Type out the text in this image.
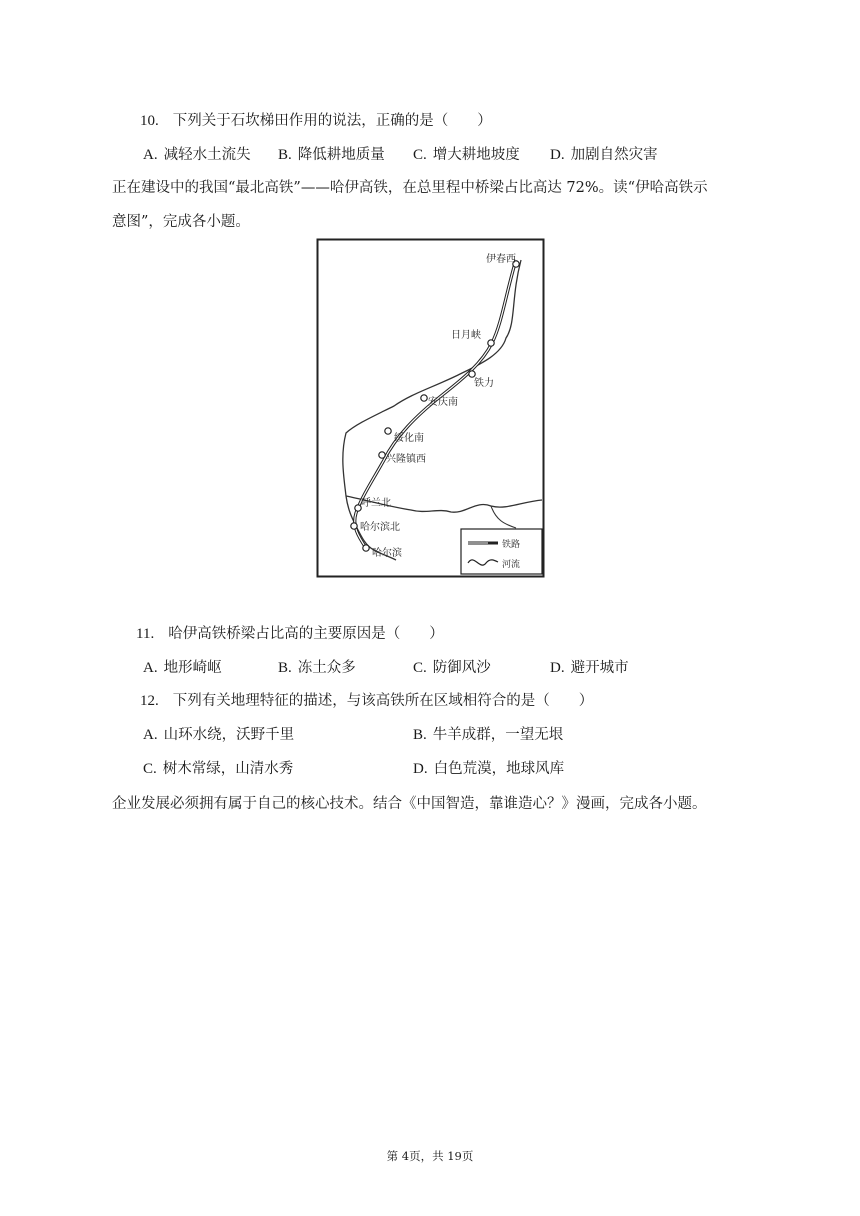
10. 下列关于石坎梯田作用的说法，正确的是（　　）
A. 减轻水土流失 B. 降低耕地质量 C. 增大耕地坡度 D. 加剧自然灾害
正在建设中的我国“最北高铁”——哈伊高铁，在总里程中桥梁占比高达 72%。读“伊哈高铁示
意图”，完成各小题。
伊春西
日月峡
铁力
安庆南
绥化南
兴隆镇西
呼兰北
哈尔滨北
哈尔滨
铁路
河流
11. 哈伊高铁桥梁占比高的主要原因是（　　）
A. 地形崎岖	B. 冻土众多	C. 防御风沙	D. 避开城市
12. 下列有关地理特征的描述，与该高铁所在区域相符合的是（　　）
A. 山环水绕，沃野千里	B. 牛羊成群，一望无垠
C. 树木常绿，山清水秀	D. 白色荒漠，地球风库
企业发展必须拥有属于自己的核心技术。结合《中国智造，靠谁造心？》漫画，完成各小题。
第 4页，共 19页
